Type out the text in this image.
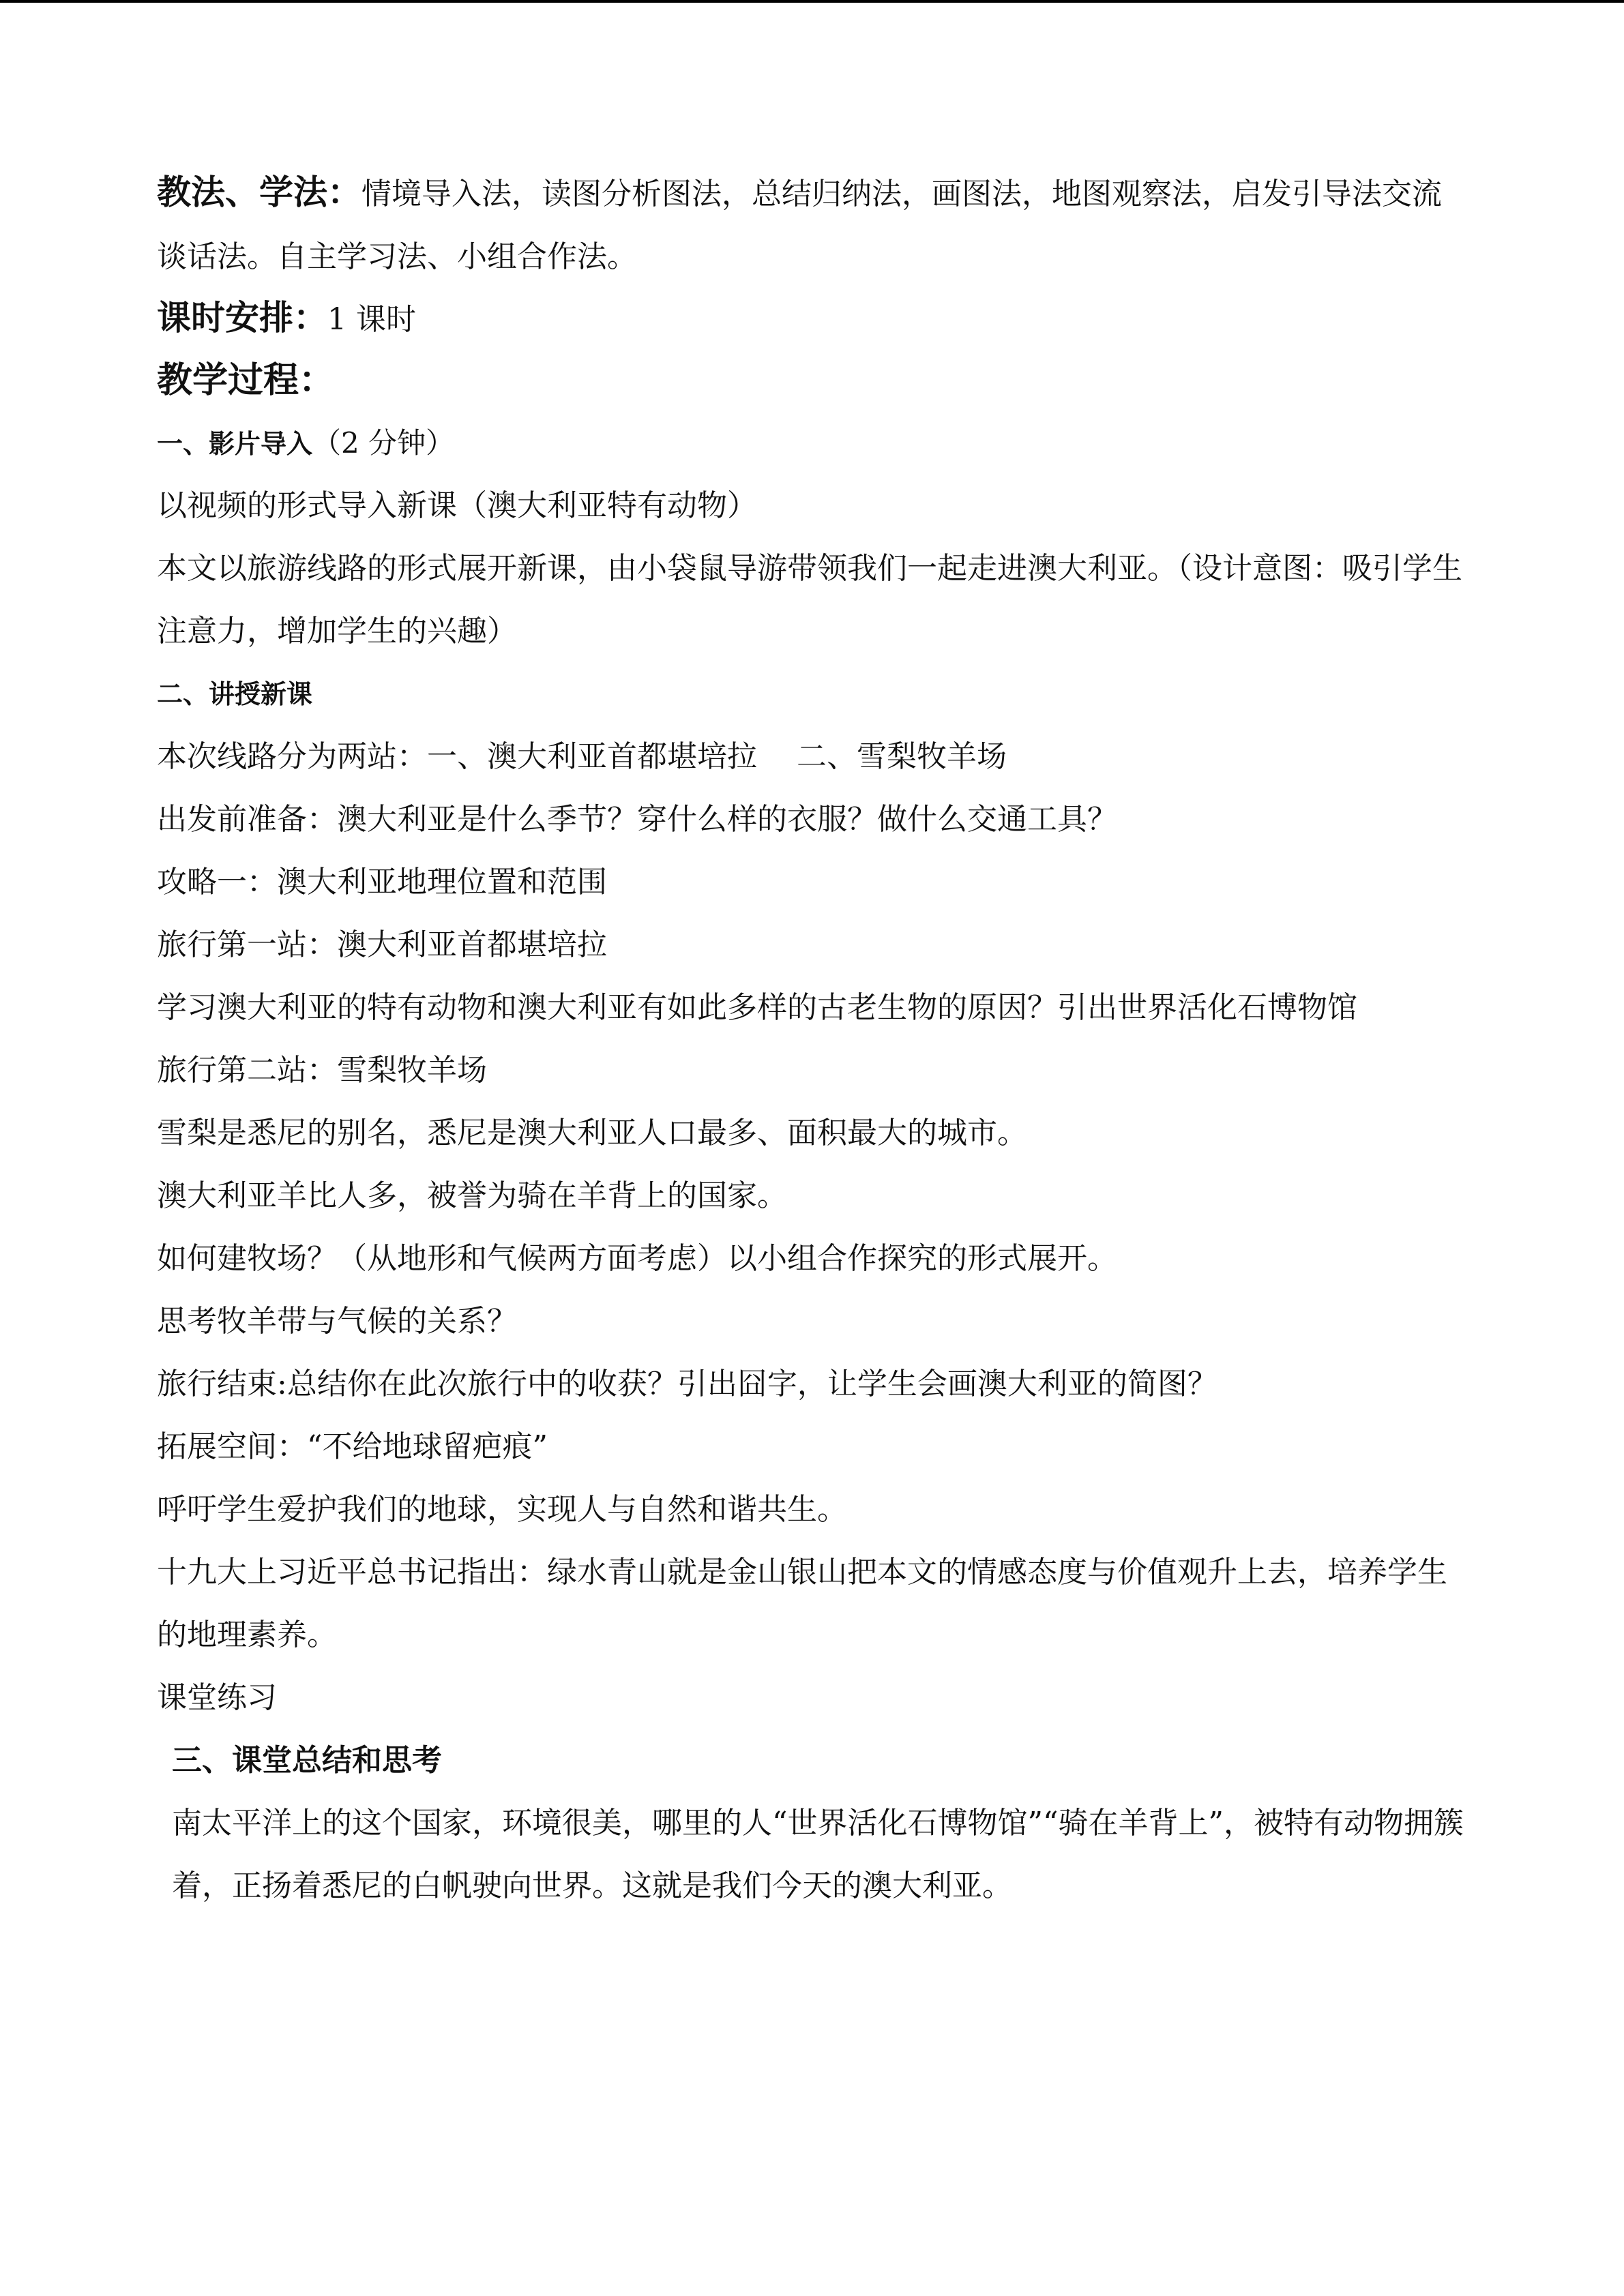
教法、学法：情境导入法，读图分析图法，总结归纳法，画图法，地图观察法，启发引导法交流谈话法。自主学习法、小组合作法。
课时安排：1 课时
教学过程：
一、影片导入（2 分钟）
以视频的形式导入新课（澳大利亚特有动物）
本文以旅游线路的形式展开新课，由小袋鼠导游带领我们一起走进澳大利亚。（设计意图：吸引学生注意力，增加学生的兴趣）
二、讲授新课
本次线路分为两站：一、澳大利亚首都堪培拉　 二、雪梨牧羊场
出发前准备：澳大利亚是什么季节？穿什么样的衣服？做什么交通工具？
攻略一：澳大利亚地理位置和范围
旅行第一站：澳大利亚首都堪培拉
学习澳大利亚的特有动物和澳大利亚有如此多样的古老生物的原因？引出世界活化石博物馆
旅行第二站：雪梨牧羊场
雪梨是悉尼的别名，悉尼是澳大利亚人口最多、面积最大的城市。
澳大利亚羊比人多，被誉为骑在羊背上的国家。
如何建牧场？（从地形和气候两方面考虑）以小组合作探究的形式展开。
思考牧羊带与气候的关系？
旅行结束:总结你在此次旅行中的收获？引出囧字，让学生会画澳大利亚的简图？
拓展空间：“不给地球留疤痕”
呼吁学生爱护我们的地球，实现人与自然和谐共生。
十九大上习近平总书记指出：绿水青山就是金山银山把本文的情感态度与价值观升上去，培养学生的地理素养。
课堂练习
三、课堂总结和思考
南太平洋上的这个国家，环境很美，哪里的人“世界活化石博物馆”“骑在羊背上”，被特有动物拥簇着，正扬着悉尼的白帆驶向世界。这就是我们今天的澳大利亚。
